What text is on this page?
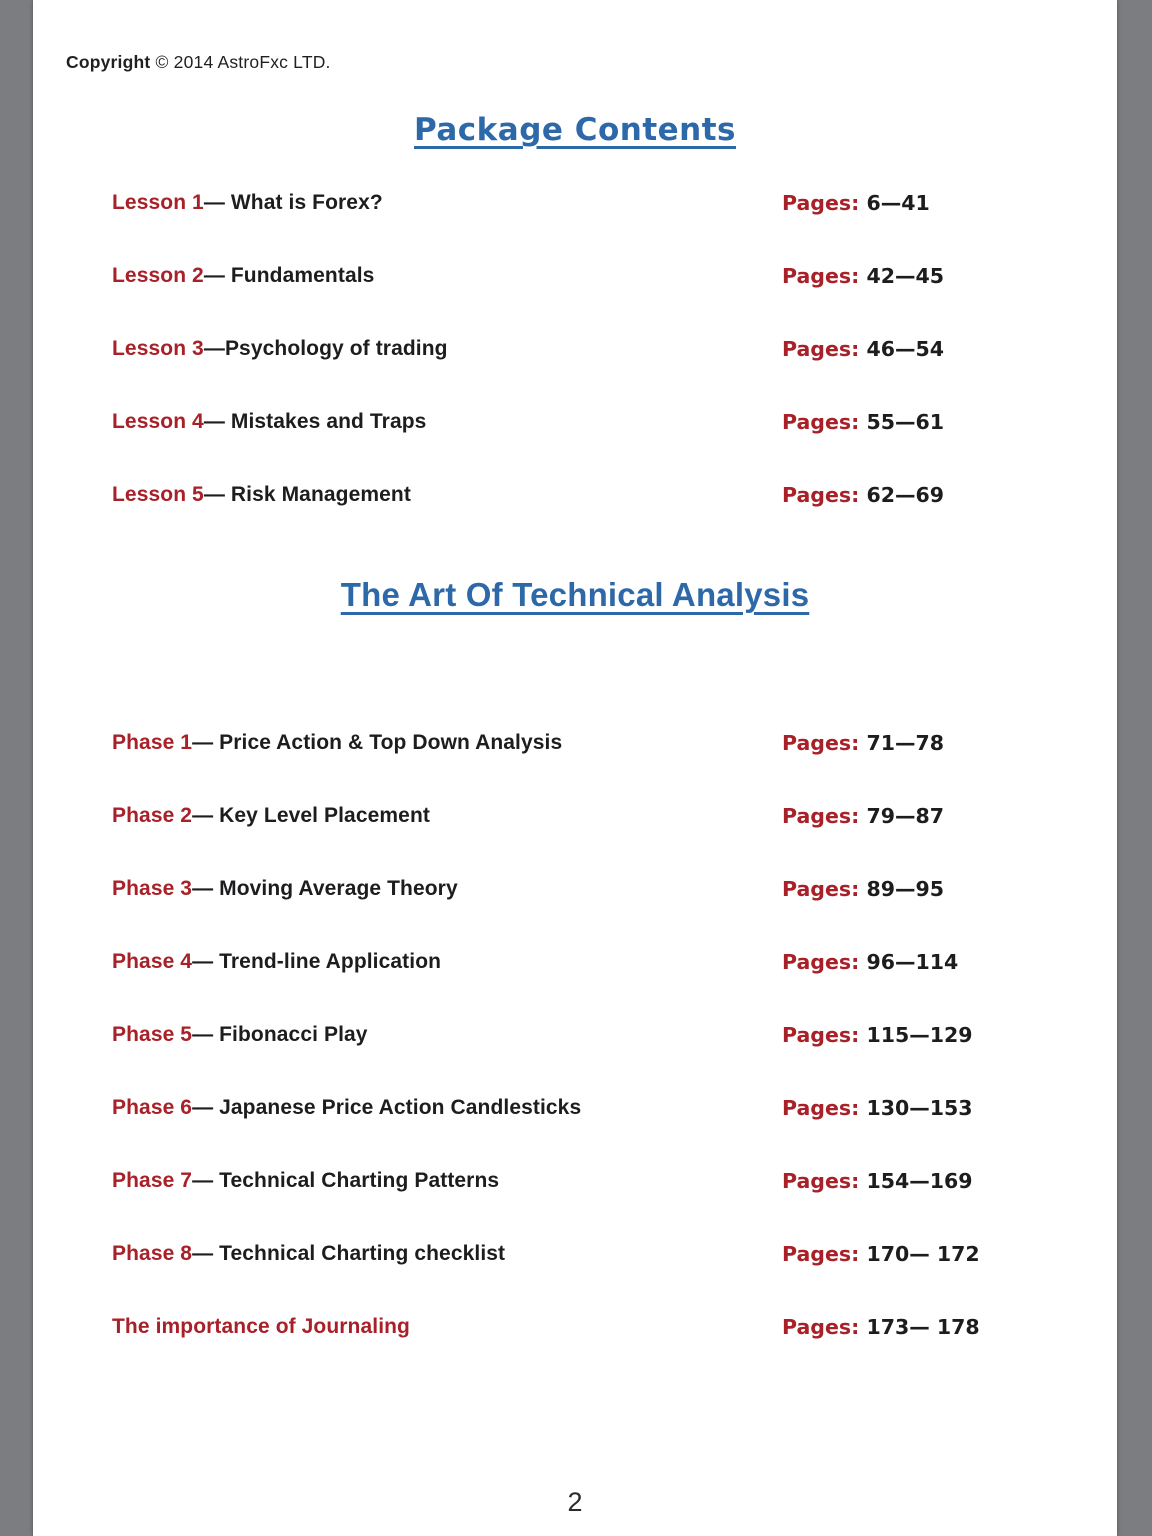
Copyright © 2014 AstroFxc LTD.
Package Contents
Lesson 1— What is Forex?	Pages: 6—41
Lesson 2— Fundamentals	Pages: 42—45
Lesson 3—Psychology of trading	Pages: 46—54
Lesson 4— Mistakes and Traps	Pages: 55—61
Lesson 5— Risk Management	Pages: 62—69
The Art Of Technical Analysis
Phase 1— Price Action & Top Down Analysis	Pages: 71—78
Phase 2— Key Level Placement	Pages: 79—87
Phase 3— Moving Average Theory	Pages: 89—95
Phase 4— Trend-line Application	Pages: 96—114
Phase 5— Fibonacci Play	Pages: 115—129
Phase 6— Japanese Price Action Candlesticks	Pages: 130—153
Phase 7— Technical Charting Patterns	Pages: 154—169
Phase 8— Technical Charting checklist	Pages: 170— 172
The importance of Journaling	Pages: 173— 178
2
